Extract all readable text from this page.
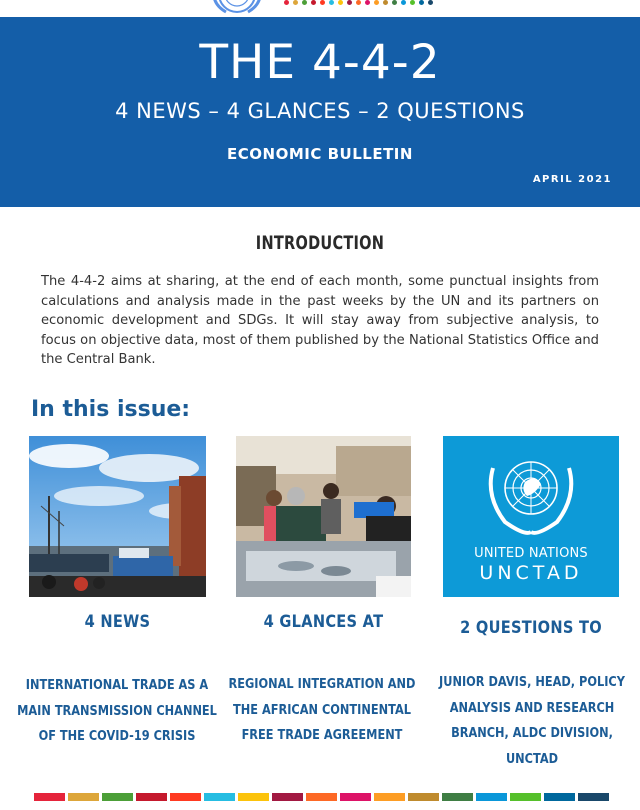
THE 4-4-2
4 NEWS – 4 GLANCES – 2 QUESTIONS
ECONOMIC BULLETIN
APRIL 2021
INTRODUCTION
The 4-4-2 aims at sharing, at the end of each month, some punctual insights from calculations and analysis made in the past weeks by the UN and its partners on economic development and SDGs. It will stay away from subjective analysis, to focus on objective data, most of them published by the National Statistics Office and the Central Bank.
In this issue:
UNITED NATIONS
UNCTAD
4 NEWS	4 GLANCES AT	2 QUESTIONS TO
INTERNATIONAL TRADE AS A MAIN TRANSMISSION CHANNEL OF THE COVID-19 CRISIS
REGIONAL INTEGRATION AND THE AFRICAN CONTINENTAL FREE TRADE AGREEMENT
JUNIOR DAVIS, HEAD, POLICY ANALYSIS AND RESEARCH BRANCH, ALDC DIVISION, UNCTAD
